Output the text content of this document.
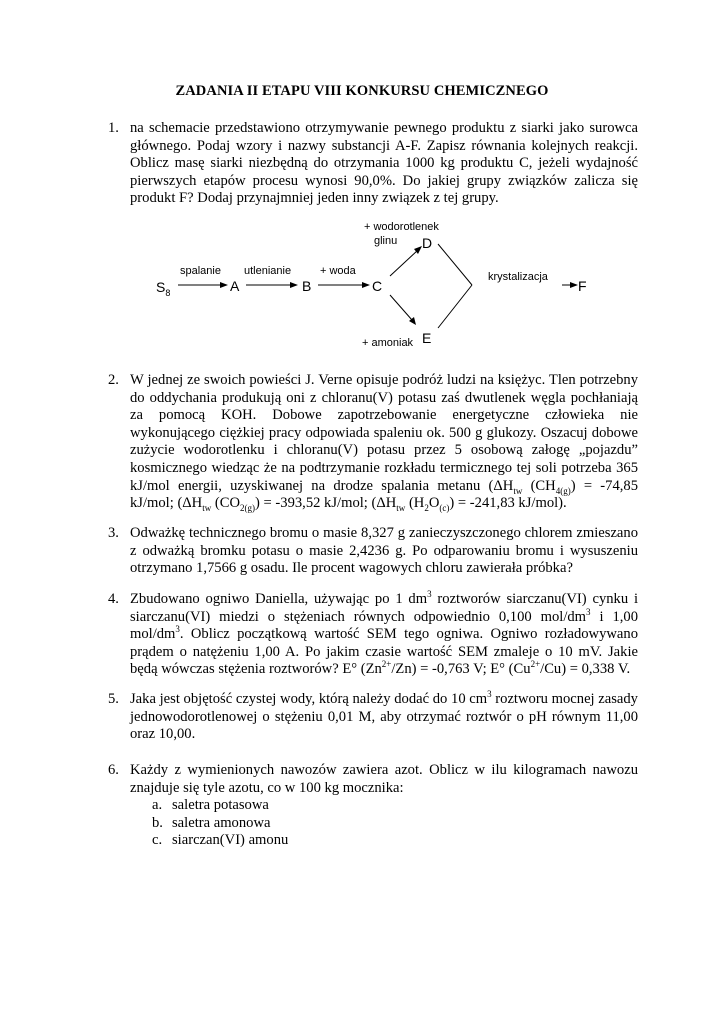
ZADANIA II ETAPU VIII KONKURSU CHEMICZNEGO
1. na schemacie przedstawiono otrzymywanie pewnego produktu z siarki jako surowca głównego. Podaj wzory i nazwy substancji A-F. Zapisz równania kolejnych reakcji. Oblicz masę siarki niezbędną do otrzymania 1000 kg produktu C, jeżeli wydajność pierwszych etapów procesu wynosi 90,0%. Do jakiej grupy związków zalicza się produkt F? Dodaj przynajmniej jeden inny związek z tej grupy.

$S_8$
spalanie
A
utlenianie
B
+ woda
C
+ wodorotlenek
glinu D
+ amoniak E
krystalizacja
F
2. W jednej ze swoich powieści J. Verne opisuje podróż ludzi na księżyc. Tlen potrzebny do oddychania produkują oni z chloranu(V) potasu zaś dwutlenek węgla pochłaniają za pomocą KOH. Dobowe zapotrzebowanie energetyczne człowieka nie wykonującego ciężkiej pracy odpowiada spaleniu ok. 500 g glukozy. Oszacuj dobowe zużycie wodorotlenku i chloranu(V) potasu przez 5 osobową załogę „pojazdu” kosmicznego wiedząc że na podtrzymanie rozkładu termicznego tej soli potrzeba 365 kJ/mol energii, uzyskiwanej na drodze spalania metanu ($\Delta H_{tw}$ $(CH_{4(g)}) = -74,85$ kJ/mol; ($\Delta H_{tw}$ $(CO_{2(g)}) = -393,52$ kJ/mol; ($\Delta H_{tw}$ $(H_2O_{(c)}) = -241,83$ kJ/mol).

3. Odważkę technicznego bromu o masie 8,327 g zanieczyszczonego chlorem zmieszano z odważką bromku potasu o masie 2,4236 g. Po odparowaniu bromu i wysuszeniu otrzymano 1,7566 g osadu. Ile procent wagowych chloru zawierała próbka?

4. Zbudowano ogniwo Daniella, używając po 1 $dm^3$ roztworów siarczanu(VI) cynku i siarczanu(VI) miedzi o stężeniach równych odpowiednio 0,100 mol/$dm^3$ i 1,00 mol/$dm^3$. Oblicz początkową wartość SEM tego ogniwa. Ogniwo rozładowywano prądem o natężeniu 1,00 A. Po jakim czasie wartość SEM zmaleje o 10 mV. Jakie będą wówczas stężenia roztworów? E° $(Zn^{2+}/Zn) = -0,763$ V; E° $(Cu^{2+}/Cu) = 0,338$ V.

5. Jaka jest objętość czystej wody, którą należy dodać do 10 $cm^3$ roztworu mocnej zasady jednowodorotlenowej o stężeniu 0,01 M, aby otrzymać roztwór o pH równym 11,00 oraz 10,00.

6. Każdy z wymienionych nawozów zawiera azot. Oblicz w ilu kilogramach nawozu znajduje się tyle azotu, co w 100 kg mocznika:

a. saletra potasowa
b. saletra amonowa
c. siarczan(VI) amonu
